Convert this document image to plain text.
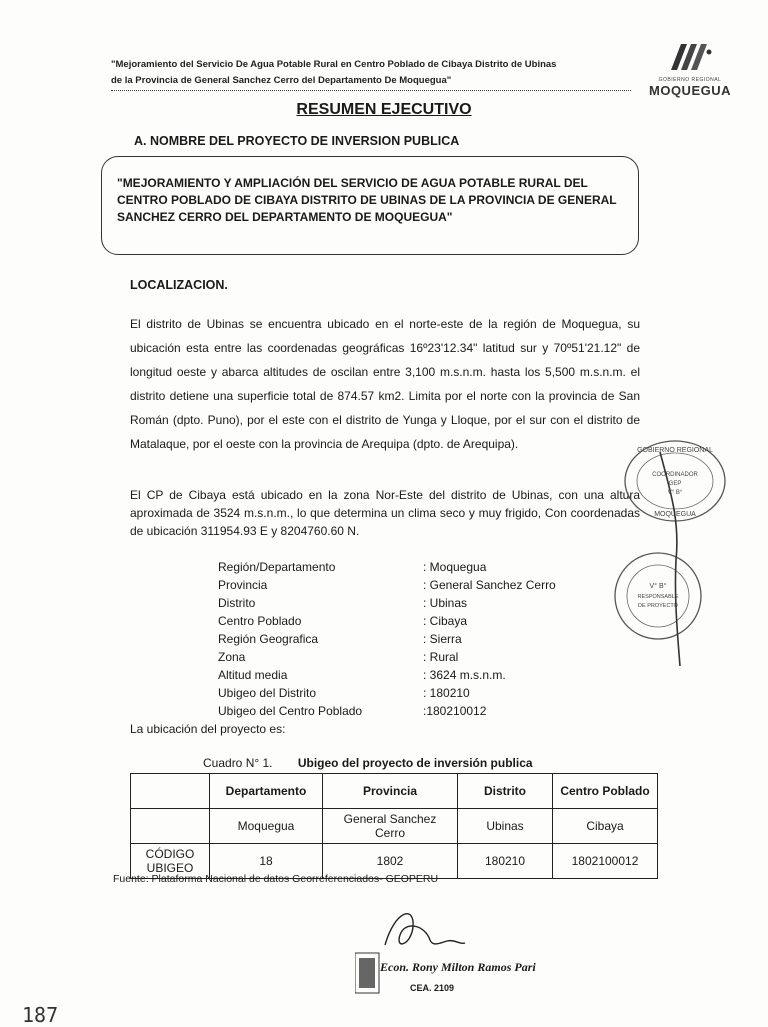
"Mejoramiento del Servicio De Agua Potable Rural en Centro Poblado de Cibaya Distrito de Ubinas
de la Provincia de General Sanchez Cerro del Departamento De Moquegua"	GOBIERNO REGIONAL
MOQUEGUA
RESUMEN EJECUTIVO
A. NOMBRE DEL PROYECTO DE INVERSION PUBLICA
"MEJORAMIENTO Y AMPLIACIÓN DEL SERVICIO DE AGUA POTABLE RURAL DEL CENTRO POBLADO DE CIBAYA DISTRITO DE UBINAS DE LA PROVINCIA DE GENERAL SANCHEZ CERRO DEL DEPARTAMENTO DE MOQUEGUA"
LOCALIZACION.
El distrito de Ubinas se encuentra ubicado en el norte-este de la región de Moquegua, su ubicación esta entre las coordenadas geográficas 16º23'12.34" latitud sur y 70º51'21.12" de longitud oeste y abarca altitudes de oscilan entre 3,100 m.s.n.m. hasta los 5,500 m.s.n.m. el distrito detiene una superficie total de 874.57 km2. Limita por el norte con la provincia de San Román (dpto. Puno), por el este con el distrito de Yunga y Lloque, por el sur con el distrito de Matalaque, por el oeste con la provincia de Arequipa (dpto. de Arequipa).
El CP de Cibaya está ubicado en la zona Nor-Este del distrito de Ubinas, con una altura aproximada de 3524 m.s.n.m., lo que determina un clima seco y muy frigido, Con coordenadas de ubicación 311954.93 E y 8204760.60 N.
Región/Departamento	: Moquegua
Provincia	: General Sanchez Cerro
Distrito	: Ubinas
Centro Poblado	: Cibaya
Región Geografica	: Sierra
Zona	: Rural
Altitud media	: 3624 m.s.n.m.
Ubigeo del Distrito	: 180210
Ubigeo del Centro Poblado	:180210012
La ubicación del proyecto es:
Cuadro N° 1. Ubigeo del proyecto de inversión publica
	Departamento	Provincia	Distrito	Centro Poblado
	Moquegua	General Sanchez Cerro	Ubinas	Cibaya
CÓDIGO UBIGEO	18	1802	180210	1802100012
Fuente: Plataforma Nacional de datos Georreferenciados- GEOPERU
GOBIERNO REGIONAL
COORDINADOR
GEP
V° B°
MOQUEGUA
V° B°
RESPONSABLE
DE PROYECTO
Econ. Rony Milton Ramos Pari
CEA. 2109
187
